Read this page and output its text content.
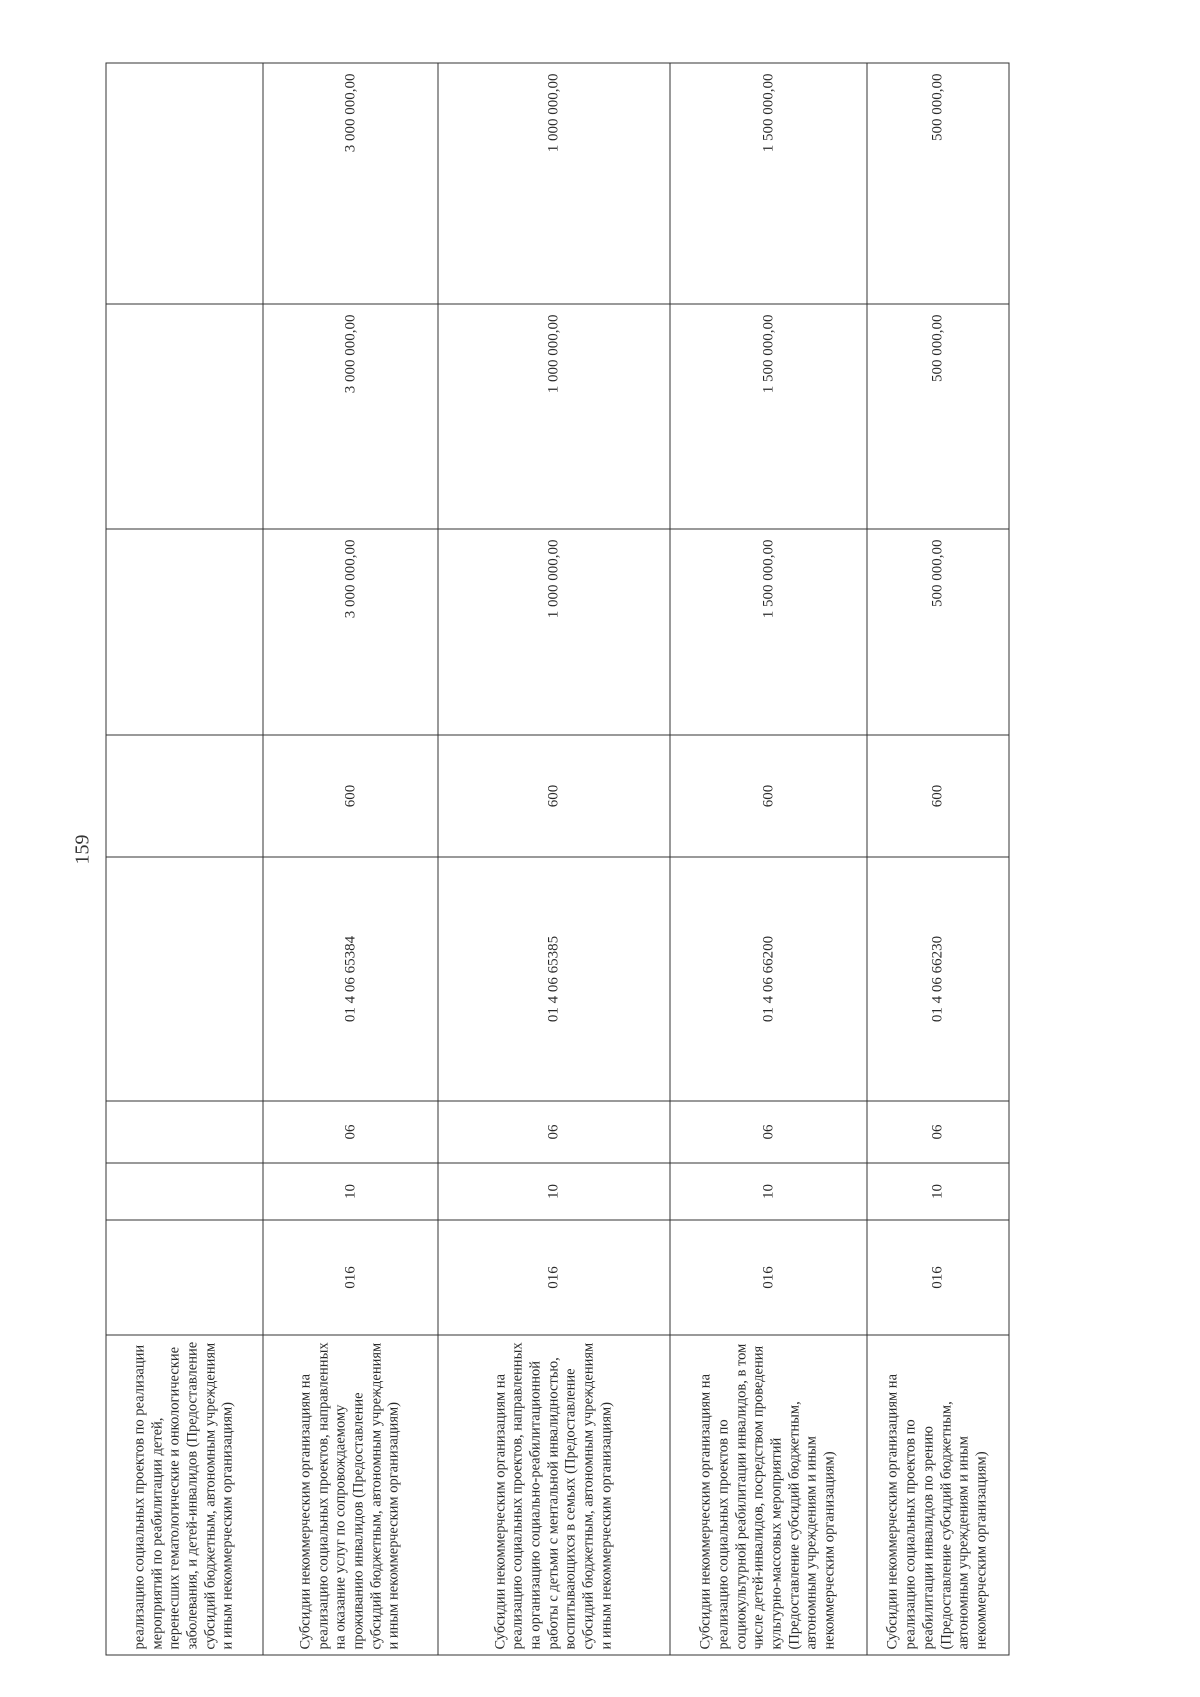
159
реализацию социальных проектов по реализации мероприятий по реабилитации детей, перенесших гематологические и онкологические заболевания, и детей-инвалидов (Предоставление субсидий бюджетным, автономным учреждениям и иным некоммерческим организациям)								
Субсидии некоммерческим организациям на реализацию социальных проектов, направленных на оказание услуг по сопровождаемому проживанию инвалидов (Предоставление субсидий бюджетным, автономным учреждениям и иным некоммерческим организациям)	016	10	06	01 4 06 65384	600	3 000 000,00	3 000 000,00	3 000 000,00
Субсидии некоммерческим организациям на реализацию социальных проектов, направленных на организацию социально-реабилитационной работы с детьми с ментальной инвалидностью, воспитывающихся в семьях (Предоставление субсидий бюджетным, автономным учреждениям и иным некоммерческим организациям)	016	10	06	01 4 06 65385	600	1 000 000,00	1 000 000,00	1 000 000,00
Субсидии некоммерческим организациям на реализацию социальных проектов по социокультурной реабилитации инвалидов, в том числе детей-инвалидов, посредством проведения культурно-массовых мероприятий (Предоставление субсидий бюджетным, автономным учреждениям и иным некоммерческим организациям)	016	10	06	01 4 06 66200	600	1 500 000,00	1 500 000,00	1 500 000,00
Субсидии некоммерческим организациям на реализацию социальных проектов по реабилитации инвалидов по зрению (Предоставление субсидий бюджетным, автономным учреждениям и иным некоммерческим организациям)	016	10	06	01 4 06 66230	600	500 000,00	500 000,00	500 000,00
